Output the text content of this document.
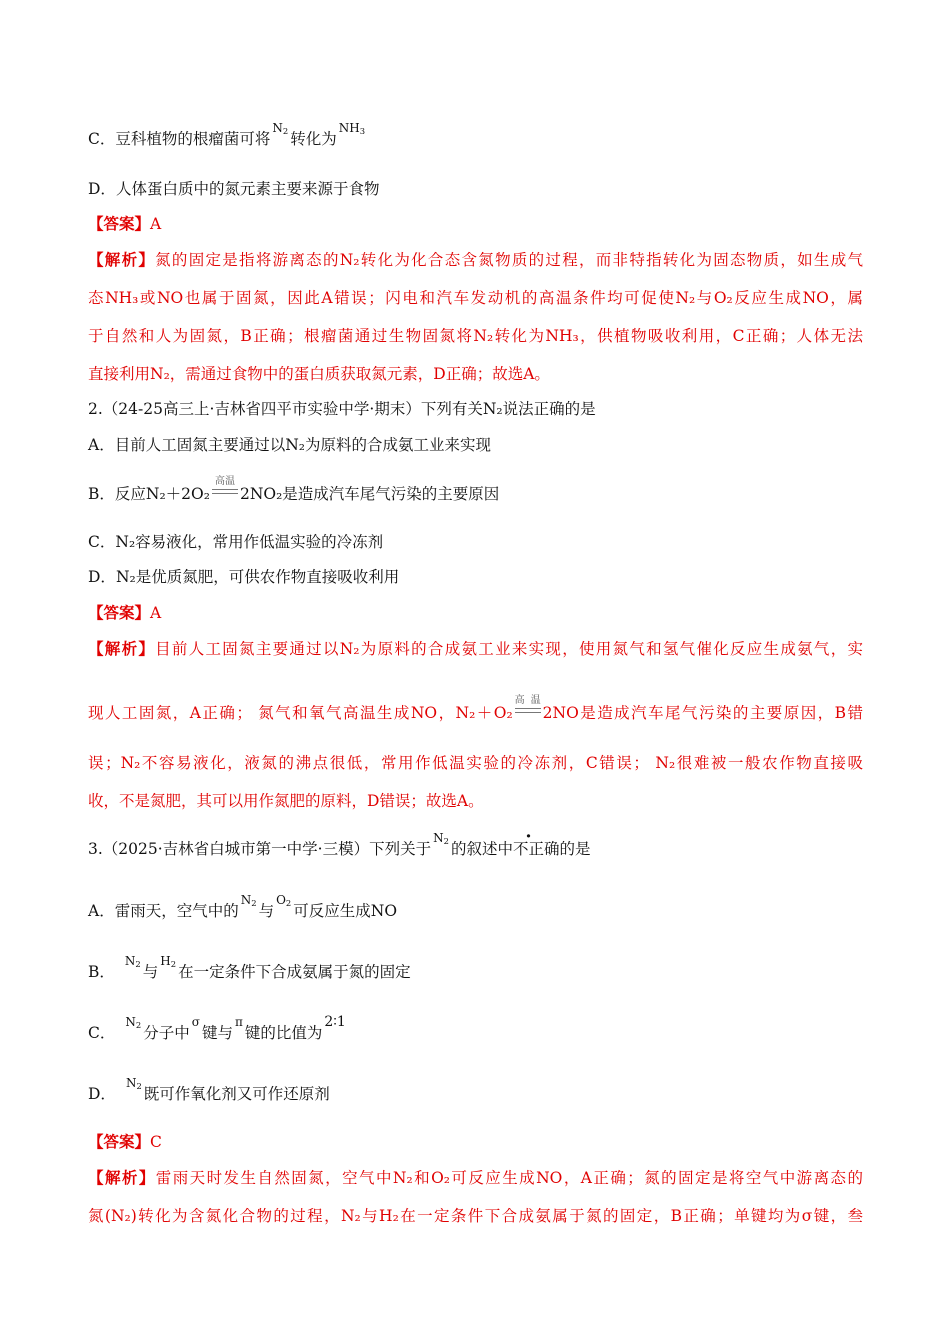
C．豆科植物的根瘤菌可将$^{N_2}$ 转化为$^{NH_3}$
D．人体蛋白质中的氮元素主要来源于食物
【答案】A
【解析】氮的固定是指将游离态的N₂转化为化合态含氮物质的过程，而非特指转化为固态物质，如生成气
态NH₃或NO也属于固氮，因此A错误；闪电和汽车发动机的高温条件均可促使N₂与O₂反应生成NO，属
于自然和人为固氮，B正确；根瘤菌通过生物固氮将N₂转化为NH₃，供植物吸收利用，C正确；人体无法
直接利用N₂，需通过食物中的蛋白质获取氮元素，D正确；故选A。
2.（24-25高三上·吉林省四平市实验中学·期末）下列有关N₂说法正确的是
A．目前人工固氮主要通过以N₂为原料的合成氨工业来实现
B．反应N₂＋2O₂
高温
2NO₂是造成汽车尾气污染的主要原因
C．N₂容易液化，常用作低温实验的冷冻剂
D．N₂是优质氮肥，可供农作物直接吸收利用
【答案】A
【解析】目前人工固氮主要通过以N₂为原料的合成氨工业来实现，使用氮气和氢气催化反应生成氨气，实
现人工固氮，A正确； 氮气和氧气高温生成NO，N₂＋O₂
高温
2NO是造成汽车尾气污染的主要原因，B错
误；N₂不容易液化，液氮的沸点很低，常用作低温实验的冷冻剂，C错误； N₂很难被一般农作物直接吸
收，不是氮肥，其可以用作氮肥的原料，D错误；故选A。
3.（2025·吉林省白城市第一中学·三模）下列关于$^{N_2}$ 的叙述中不正确的是
A．雷雨天，空气中的$^{N_2}$ 与$^{O_2}$ 可反应生成NO
B．$^{N_2}$ 与$^{H_2}$ 在一定条件下合成氨属于氮的固定
C．$^{N_2}$ 分子中$^\sigma$键与$^\pi$键的比值为2∶1
D．$^{N_2}$ 既可作氧化剂又可作还原剂
【答案】C
【解析】雷雨天时发生自然固氮，空气中N₂和O₂可反应生成NO，A正确；氮的固定是将空气中游离态的
氮(N₂)转化为含氮化合物的过程，N₂与H₂在一定条件下合成氨属于氮的固定，B正确；单键均为σ键，叁
